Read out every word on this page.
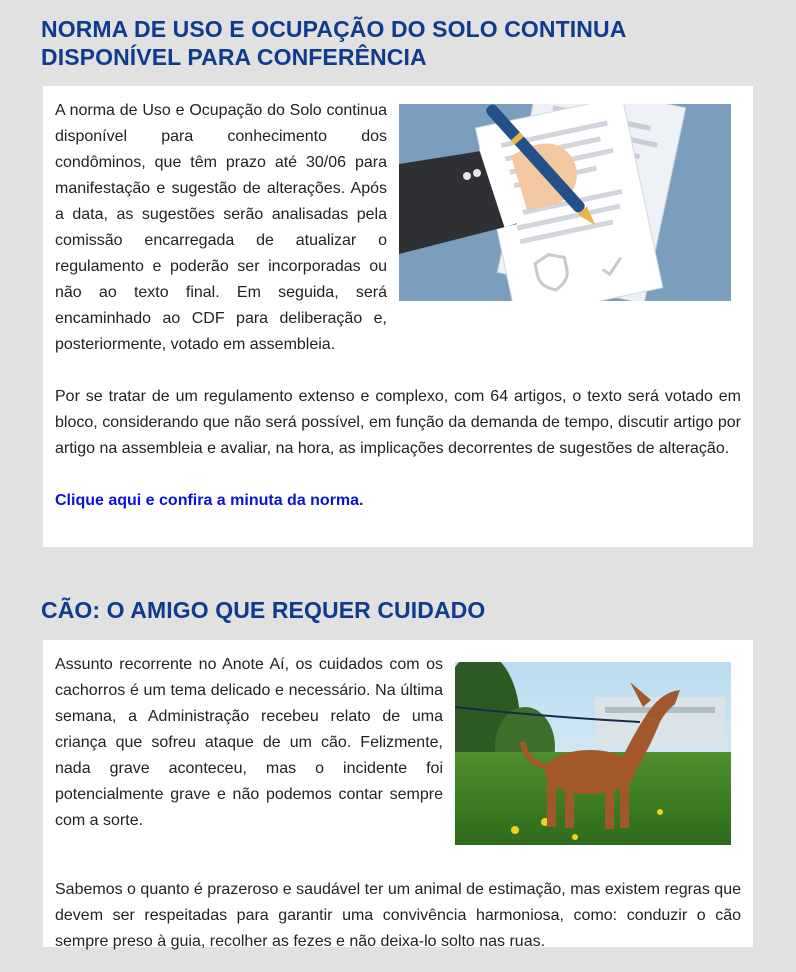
NORMA DE USO E OCUPAÇÃO DO SOLO CONTINUA
DISPONÍVEL PARA CONFERÊNCIA

A norma de Uso e Ocupação do Solo continua disponível para conhecimento dos condôminos, que têm prazo até 30/06 para manifestação e sugestão de alterações. Após a data, as sugestões serão analisadas pela comissão encarregada de atualizar o regulamento e poderão ser incorporadas ou não ao texto final. Em seguida, será encaminhado ao CDF para deliberação e, posteriormente, votado em assembleia.

Por se tratar de um regulamento extenso e complexo, com 64 artigos, o texto será votado em bloco, considerando que não será possível, em função da demanda de tempo, discutir artigo por artigo na assembleia e avaliar, na hora, as implicações decorrentes de sugestões de alteração.

Clique aqui e confira a minuta da norma.

CÃO: O AMIGO QUE REQUER CUIDADO

Assunto recorrente no Anote Aí, os cuidados com os cachorros é um tema delicado e necessário. Na última semana, a Administração recebeu relato de uma criança que sofreu ataque de um cão. Felizmente, nada grave aconteceu, mas o incidente foi potencialmente grave e não podemos contar sempre com a sorte.

Sabemos o quanto é prazeroso e saudável ter um animal de estimação, mas existem regras que devem ser respeitadas para garantir uma convivência harmoniosa, como: conduzir o cão sempre preso à guia, recolher as fezes e não deixa-lo solto nas ruas.
